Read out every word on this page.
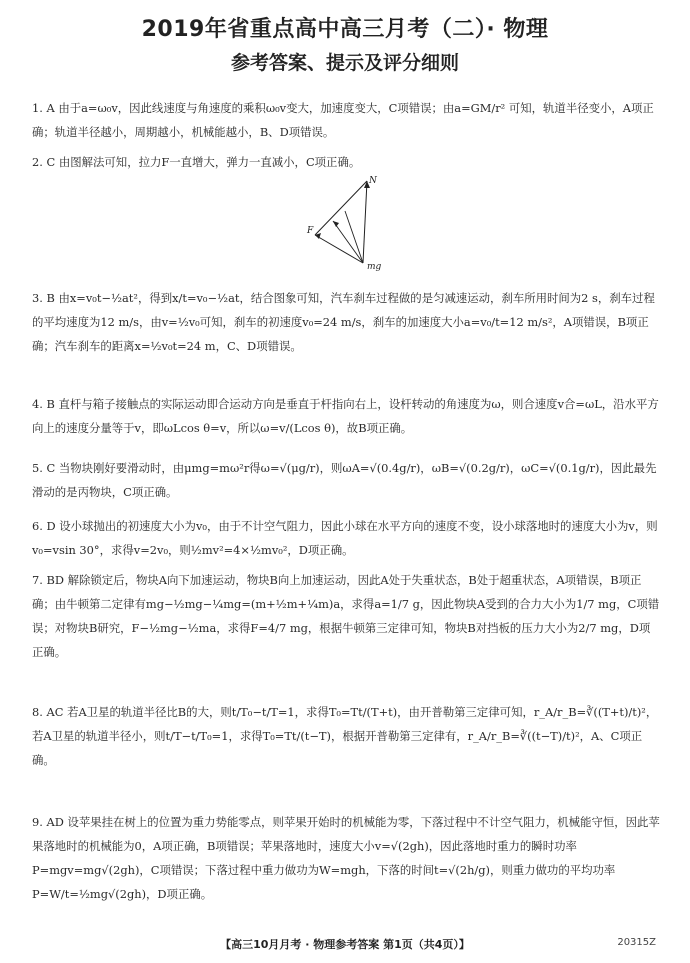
2019年省重点高中高三月考（二）· 物理
参考答案、提示及评分细则
1. A 由于a=ω₀v，因此线速度与角速度的乘积ω₀v变大，加速度变大，C项错误；由a=GM/r² 可知，轨道半径变小，A项正确；轨道半径越小，周期越小，机械能越小，B、D项错误。
2. C 由图解法可知，拉力F一直增大，弹力一直减小，C项正确。
N
F
mg
3. B 由x=v₀t−½at²，得到x/t=v₀−½at，结合图象可知，汽车刹车过程做的是匀减速运动，刹车所用时间为2 s，刹车过程的平均速度为12 m/s，由v=½v₀可知，刹车的初速度v₀=24 m/s，刹车的加速度大小a=v₀/t=12 m/s²，A项错误，B项正确；汽车刹车的距离x=½v₀t=24 m，C、D项错误。
4. B 直杆与箱子接触点的实际运动即合运动方向是垂直于杆指向右上，设杆转动的角速度为ω，则合速度v合=ωL，沿水平方向上的速度分量等于v，即ωLcos θ=v，所以ω=v/(Lcos θ)，故B项正确。
5. C 当物块刚好要滑动时，由μmg=mω²r得ω=√(μg/r)，则ωA=√(0.4g/r)，ωB=√(0.2g/r)，ωC=√(0.1g/r)，因此最先滑动的是丙物块，C项正确。
6. D 设小球抛出的初速度大小为v₀，由于不计空气阻力，因此小球在水平方向的速度不变，设小球落地时的速度大小为v，则v₀=vsin 30°，求得v=2v₀，则½mv²=4×½mv₀²，D项正确。
7. BD 解除锁定后，物块A向下加速运动，物块B向上加速运动，因此A处于失重状态，B处于超重状态，A项错误，B项正确；由牛顿第二定律有mg−½mg−¼mg=(m+½m+¼m)a，求得a=1/7 g，因此物块A受到的合力大小为1/7 mg，C项错误；对物块B研究，F−½mg−½ma，求得F=4/7 mg，根据牛顿第三定律可知，物块B对挡板的压力大小为2/7 mg，D项正确。
8. AC 若A卫星的轨道半径比B的大，则t/T₀−t/T=1，求得T₀=Tt/(T+t)，由开普勒第三定律可知，r_A/r_B=∛((T+t)/t)²，若A卫星的轨道半径小，则t/T−t/T₀=1，求得T₀=Tt/(t−T)，根据开普勒第三定律有，r_A/r_B=∛((t−T)/t)²，A、C项正确。
9. AD 设苹果挂在树上的位置为重力势能零点，则苹果开始时的机械能为零，下落过程中不计空气阻力，机械能守恒，因此苹果落地时的机械能为0，A项正确，B项错误；苹果落地时，速度大小v=√(2gh)，因此落地时重力的瞬时功率P=mgv=mg√(2gh)，C项错误；下落过程中重力做功为W=mgh，下落的时间t=√(2h/g)，则重力做功的平均功率P=W/t=½mg√(2gh)，D项正确。
【高三10月月考 · 物理参考答案 第1页（共4页）】	20315Z
